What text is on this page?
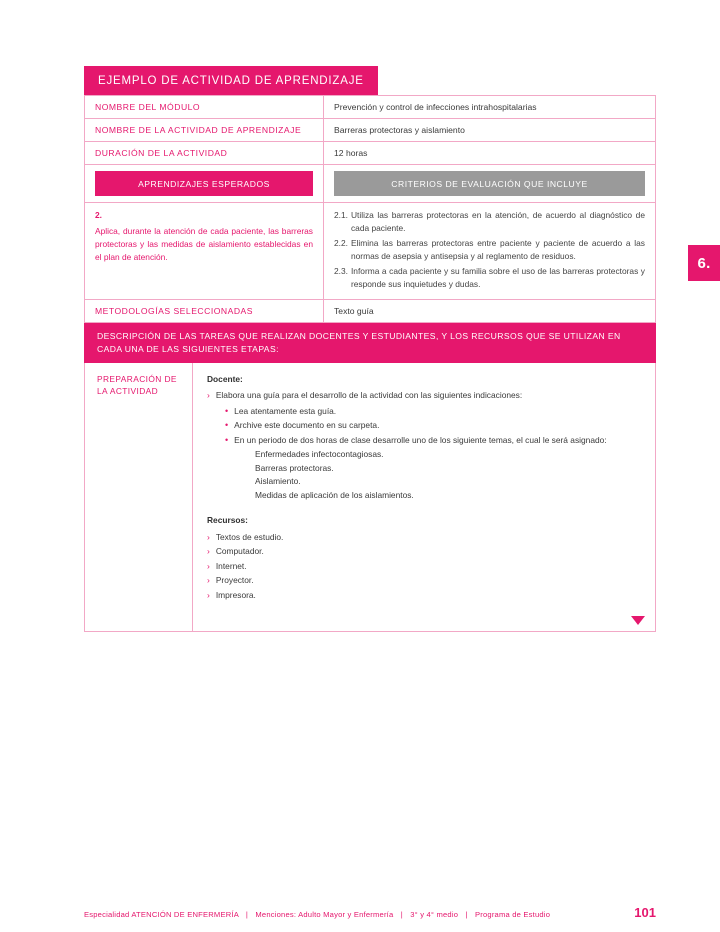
6.
EJEMPLO DE ACTIVIDAD DE APRENDIZAJE
NOMBRE DEL MÓDULO	Prevención y control de infecciones intrahospitalarias
NOMBRE DE LA ACTIVIDAD DE APRENDIZAJE	Barreras protectoras y aislamiento
DURACIÓN DE LA ACTIVIDAD	12 horas

APRENDIZAJES ESPERADOS	CRITERIOS DE EVALUACIÓN QUE INCLUYE

2.
Aplica, durante la atención de cada paciente, las barreras protectoras y las medidas de aislamiento establecidas en el plan de atención.	
2.1. Utiliza las barreras protectoras en la atención, de acuerdo al diagnóstico de cada paciente.
2.2. Elimina las barreras protectoras entre paciente y paciente de acuerdo a las normas de asepsia y antisepsia y al reglamento de residuos.
2.3. Informa a cada paciente y su familia sobre el uso de las barreras protectoras y responde sus inquietudes y dudas.

METODOLOGÍAS SELECCIONADAS	Texto guía
DESCRIPCIÓN DE LAS TAREAS QUE REALIZAN DOCENTES Y ESTUDIANTES, Y LOS RECURSOS QUE SE UTILIZAN EN CADA UNA DE LAS SIGUIENTES ETAPAS:
PREPARACIÓN DE LA ACTIVIDAD
Docente:
› Elabora una guía para el desarrollo de la actividad con las siguientes indicaciones:
• Lea atentamente esta guía.
• Archive este documento en su carpeta.
• En un periodo de dos horas de clase desarrolle uno de los siguiente temas, el cual le será asignado:
Enfermedades infectocontagiosas.
Barreras protectoras.
Aislamiento.
Medidas de aplicación de los aislamientos.
Recursos:
› Textos de estudio.
› Computador.
› Internet.
› Proyector.
› Impresora.
Especialidad ATENCIÓN DE ENFERMERÍA | Menciones: Adulto Mayor y Enfermería | 3° y 4° medio | Programa de Estudio	101
